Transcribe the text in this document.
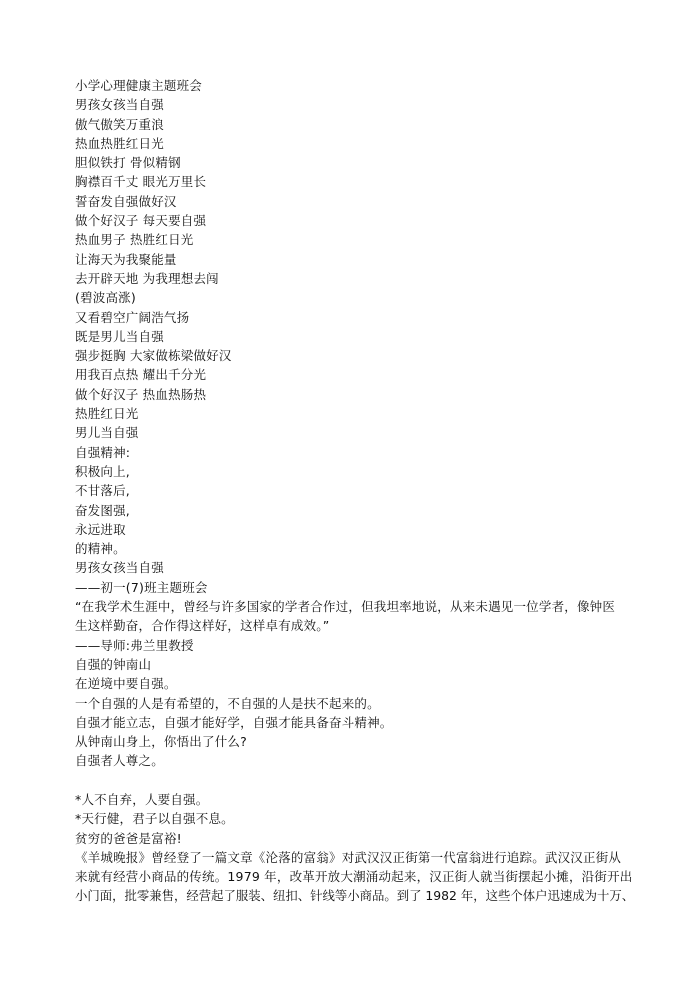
小学心理健康主题班会
男孩女孩当自强
傲气傲笑万重浪
热血热胜红日光
胆似铁打 骨似精钢
胸襟百千丈 眼光万里长
誓奋发自强做好汉
做个好汉子 每天要自强
热血男子 热胜红日光
让海天为我聚能量
去开辟天地 为我理想去闯
(碧波高涨)
又看碧空广阔浩气扬
既是男儿当自强
强步挺胸 大家做栋梁做好汉
用我百点热 耀出千分光
做个好汉子 热血热肠热
热胜红日光
男儿当自强
自强精神:
积极向上,
不甘落后,
奋发图强,
永远进取
的精神。
男孩女孩当自强
——初一(7)班主题班会
“在我学术生涯中，曾经与许多国家的学者合作过，但我坦率地说，从来未遇见一位学者，像钟医
生这样勤奋，合作得这样好，这样卓有成效。”
——导师:弗兰里教授
自强的钟南山
在逆境中要自强。
一个自强的人是有希望的，不自强的人是扶不起来的。
自强才能立志，自强才能好学，自强才能具备奋斗精神。
从钟南山身上，你悟出了什么?
自强者人尊之。
*人不自弃，人要自强。
*天行健，君子以自强不息。
贫穷的爸爸是富裕!
《羊城晚报》曾经登了一篇文章《沦落的富翁》对武汉汉正街第一代富翁进行追踪。武汉汉正街从
来就有经营小商品的传统。1979 年，改革开放大潮涌动起来，汉正街人就当街摆起小摊，沿街开出
小门面，批零兼售，经营起了服装、纽扣、针线等小商品。到了 1982 年，这些个体户迅速成为十万、
